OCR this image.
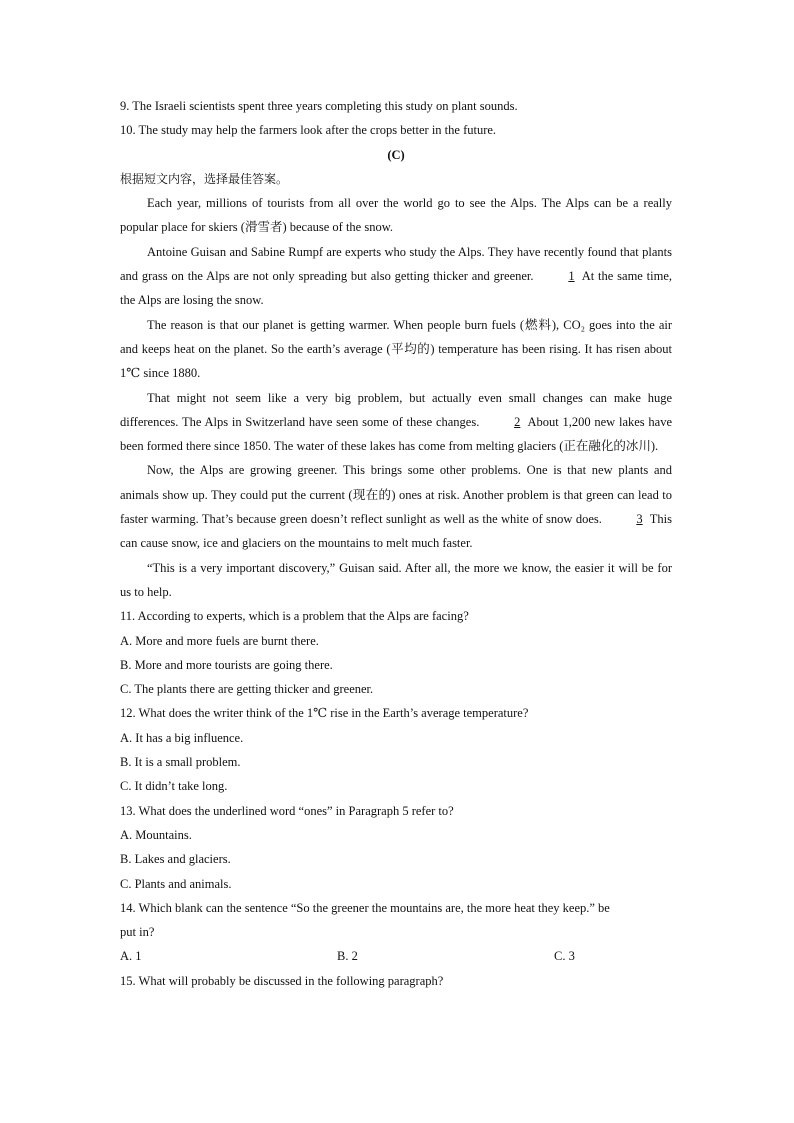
9. The Israeli scientists spent three years completing this study on plant sounds.
10. The study may help the farmers look after the crops better in the future.
(C)
根据短文内容，选择最佳答案。

Each year, millions of tourists from all over the world go to see the Alps. The Alps can be a really popular place for skiers (滑雪者) because of the snow.

Antoine Guisan and Sabine Rumpf are experts who study the Alps. They have recently found that plants and grass on the Alps are not only spreading but also getting thicker and greener.	1 At the same time, the Alps are losing the snow.

The reason is that our planet is getting warmer. When people burn fuels (燃料), CO₂ goes into the air and keeps heat on the planet. So the earth’s average (平均的) temperature has been rising. It has risen about 1℃ since 1880.

That might not seem like a very big problem, but actually even small changes can make huge differences. The Alps in Switzerland have seen some of these changes.	2 About 1,200 new lakes have been formed there since 1850. The water of these lakes has come from melting glaciers (正在融化的冰川).

Now, the Alps are growing greener. This brings some other problems. One is that new plants and animals show up. They could put the current (现在的) ones at risk. Another problem is that green can lead to faster warming. That’s because green doesn’t reflect sunlight as well as the white of snow does.	3 This can cause snow, ice and glaciers on the mountains to melt much faster.

“This is a very important discovery,” Guisan said. After all, the more we know, the easier it will be for us to help.

11. According to experts, which is a problem that the Alps are facing?
A. More and more fuels are burnt there.
B. More and more tourists are going there.
C. The plants there are getting thicker and greener.
12. What does the writer think of the 1℃ rise in the Earth’s average temperature?
A. It has a big influence.
B. It is a small problem.
C. It didn’t take long.
13. What does the underlined word “ones” in Paragraph 5 refer to?
A. Mountains.
B. Lakes and glaciers.
C. Plants and animals.
14. Which blank can the sentence “So the greener the mountains are, the more heat they keep.” be
put in?
A. 1	B. 2	C. 3
15. What will probably be discussed in the following paragraph?
